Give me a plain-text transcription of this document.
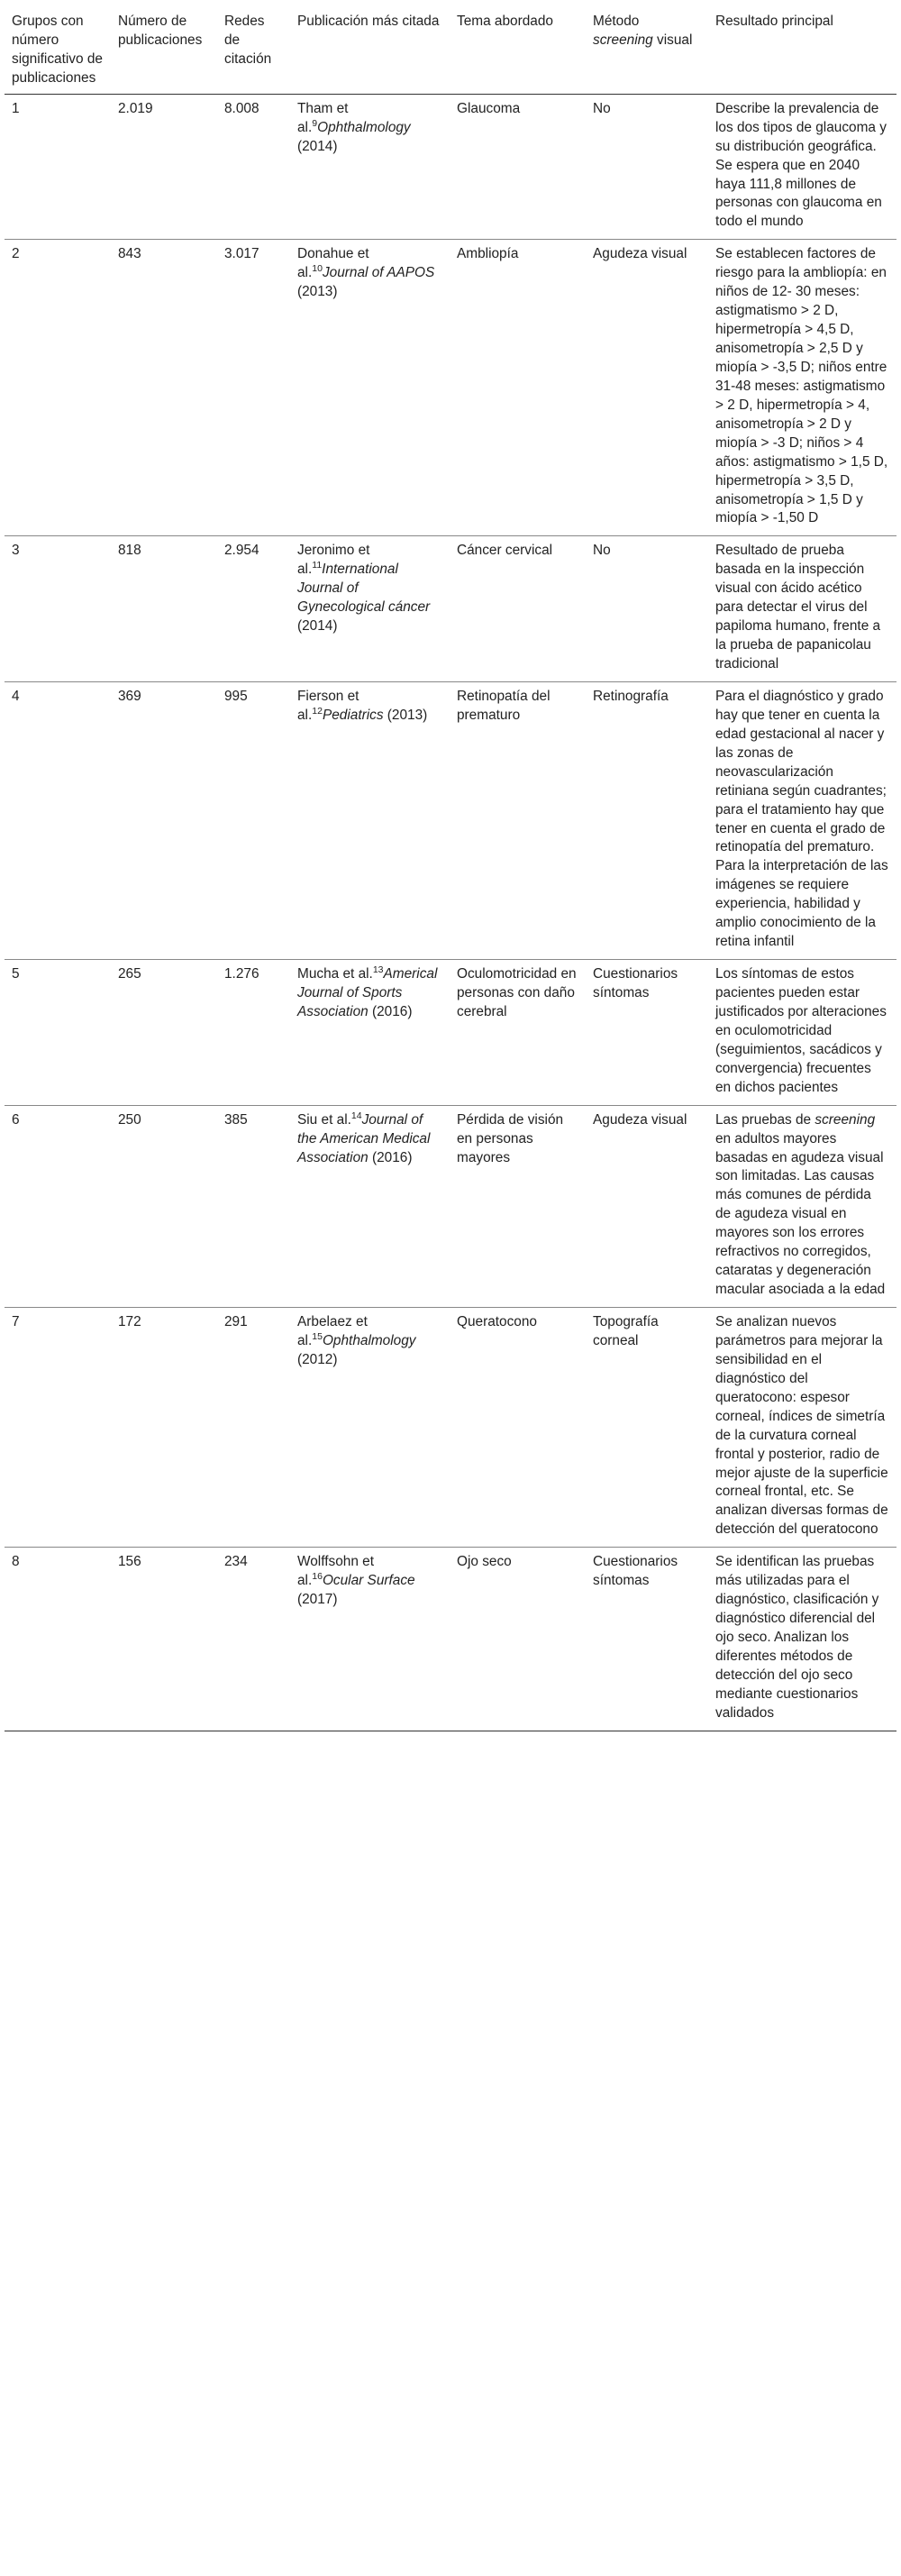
Grupos con número significativo de publicaciones	Número de publicaciones	Redes de citación	Publicación más citada	Tema abordado	Método screening visual	Resultado principal
1	2.019	8.008	Tham et al.$^9$Ophthalmology (2014)	Glaucoma	No	Describe la prevalencia de los dos tipos de glaucoma y su distribución geográfica. Se espera que en 2040 haya 111,8 millones de personas con glaucoma en todo el mundo
2	843	3.017	Donahue et al.$^{10}$Journal of AAPOS (2013)	Ambliopía	Agudeza visual	Se establecen factores de riesgo para la ambliopía: en niños de 12- 30 meses: astigmatismo > 2 D, hipermetropía > 4,5 D, anisometropía > 2,5 D y miopía > -3,5 D; niños entre 31-48 meses: astigmatismo > 2 D, hipermetropía > 4, anisometropía > 2 D y miopía > -3 D; niños > 4 años: astigmatismo > 1,5 D, hipermetropía > 3,5 D, anisometropía > 1,5 D y miopía > -1,50 D
3	818	2.954	Jeronimo et al.$^{11}$International Journal of Gynecological cáncer (2014)	Cáncer cervical	No	Resultado de prueba basada en la inspección visual con ácido acético para detectar el virus del papiloma humano, frente a la prueba de papanicolau tradicional
4	369	995	Fierson et al.$^{12}$Pediatrics (2013)	Retinopatía del prematuro	Retinografía	Para el diagnóstico y grado hay que tener en cuenta la edad gestacional al nacer y las zonas de neovascularización retiniana según cuadrantes; para el tratamiento hay que tener en cuenta el grado de retinopatía del prematuro. Para la interpretación de las imágenes se requiere experiencia, habilidad y amplio conocimiento de la retina infantil
5	265	1.276	Mucha et al.$^{13}$Americal Journal of Sports Association (2016)	Oculomotricidad en personas con daño cerebral	Cuestionarios síntomas	Los síntomas de estos pacientes pueden estar justificados por alteraciones en oculomotricidad (seguimientos, sacádicos y convergencia) frecuentes en dichos pacientes
6	250	385	Siu et al.$^{14}$Journal of the American Medical Association (2016)	Pérdida de visión en personas mayores	Agudeza visual	Las pruebas de screening en adultos mayores basadas en agudeza visual son limitadas. Las causas más comunes de pérdida de agudeza visual en mayores son los errores refractivos no corregidos, cataratas y degeneración macular asociada a la edad
7	172	291	Arbelaez et al.$^{15}$Ophthalmology (2012)	Queratocono	Topografía corneal	Se analizan nuevos parámetros para mejorar la sensibilidad en el diagnóstico del queratocono: espesor corneal, índices de simetría de la curvatura corneal frontal y posterior, radio de mejor ajuste de la superficie corneal frontal, etc. Se analizan diversas formas de detección del queratocono
8	156	234	Wolffsohn et al.$^{16}$Ocular Surface (2017)	Ojo seco	Cuestionarios síntomas	Se identifican las pruebas más utilizadas para el diagnóstico, clasificación y diagnóstico diferencial del ojo seco. Analizan los diferentes métodos de detección del ojo seco mediante cuestionarios validados
